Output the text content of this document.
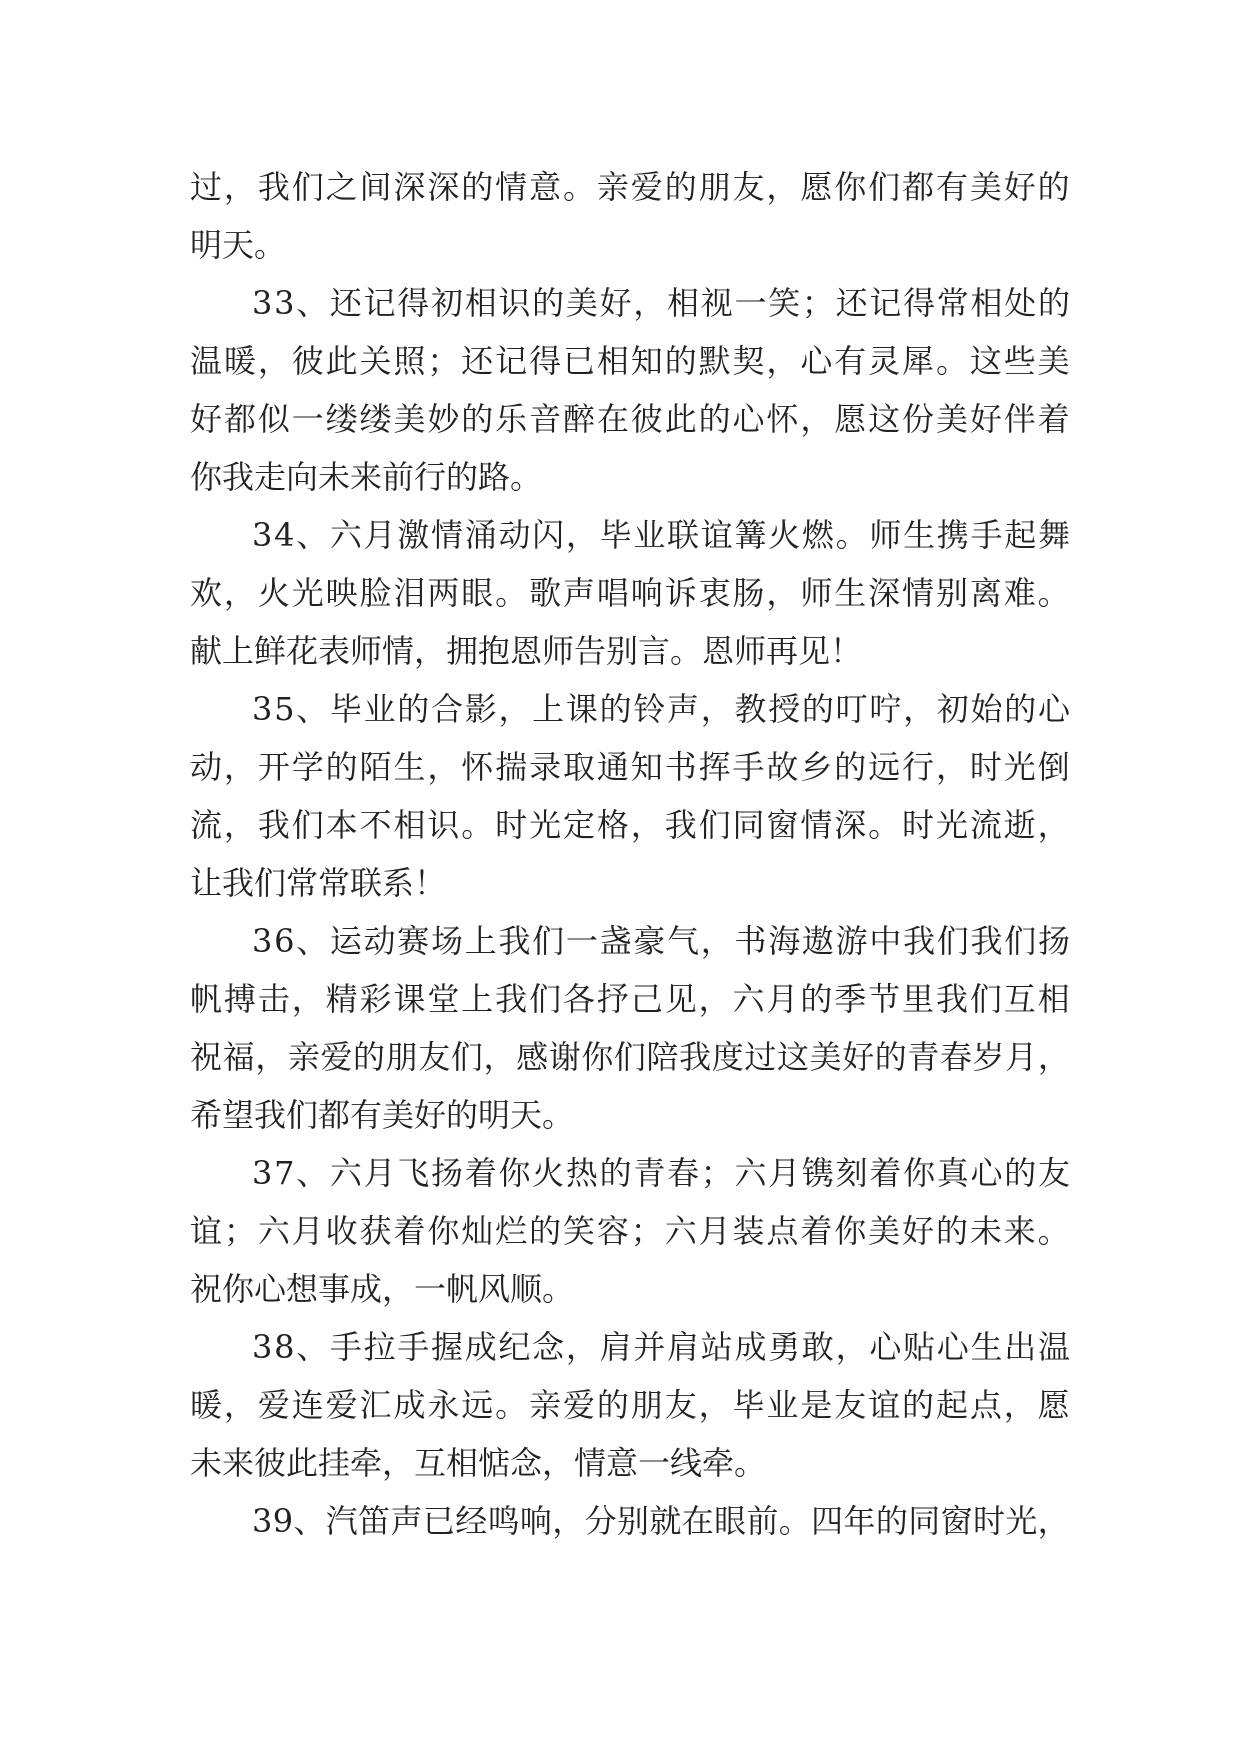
过 ， 我 们 之 间 深 深 的 情 意 。 亲 爱 的 朋 友 ， 愿 你 们 都 有 美 好 的
明天。
3 3 、 还 记 得 初 相 识 的 美 好 ， 相 视 一 笑 ； 还 记 得 常 相 处 的
温 暖 ， 彼 此 关 照 ； 还 记 得 已 相 知 的 默 契 ， 心 有 灵 犀 。 这 些 美
好 都 似 一 缕 缕 美 妙 的 乐 音 醉 在 彼 此 的 心 怀 ， 愿 这 份 美 好 伴 着
你我走向未来前行的路。
3 4 、 六 月 激 情 涌 动 闪 ， 毕 业 联 谊 篝 火 燃 。 师 生 携 手 起 舞
欢 ， 火 光 映 脸 泪 两 眼 。 歌 声 唱 响 诉 衷 肠 ， 师 生 深 情 别 离 难 。
献上鲜花表师情，拥抱恩师告别言。恩师再见！
3 5 、 毕 业 的 合 影 ， 上 课 的 铃 声 ， 教 授 的 叮 咛 ， 初 始 的 心
动 ， 开 学 的 陌 生 ， 怀 揣 录 取 通 知 书 挥 手 故 乡 的 远 行 ， 时 光 倒
流 ， 我 们 本 不 相 识 。 时 光 定 格 ， 我 们 同 窗 情 深 。 时 光 流 逝 ，
让我们常常联系！
3 6 、 运 动 赛 场 上 我 们 一 盏 豪 气 ， 书 海 遨 游 中 我 们 我 们 扬
帆 搏 击 ， 精 彩 课 堂 上 我 们 各 抒 己 见 ， 六 月 的 季 节 里 我 们 互 相
祝 福 ， 亲 爱 的 朋 友 们 ， 感 谢 你 们 陪 我 度 过 这 美 好 的 青 春 岁 月 ，
希望我们都有美好的明天。
3 7 、 六 月 飞 扬 着 你 火 热 的 青 春 ； 六 月 镌 刻 着 你 真 心 的 友
谊 ； 六 月 收 获 着 你 灿 烂 的 笑 容 ； 六 月 装 点 着 你 美 好 的 未 来 。
祝你心想事成，一帆风顺。
3 8 、 手 拉 手 握 成 纪 念 ， 肩 并 肩 站 成 勇 敢 ， 心 贴 心 生 出 温
暖 ， 爱 连 爱 汇 成 永 远 。 亲 爱 的 朋 友 ， 毕 业 是 友 谊 的 起 点 ， 愿
未来彼此挂牵，互相惦念，情意一线牵。
3 9 、 汽 笛 声 已 经 鸣 响 ， 分 别 就 在 眼 前 。 四 年 的 同 窗 时 光 ，
